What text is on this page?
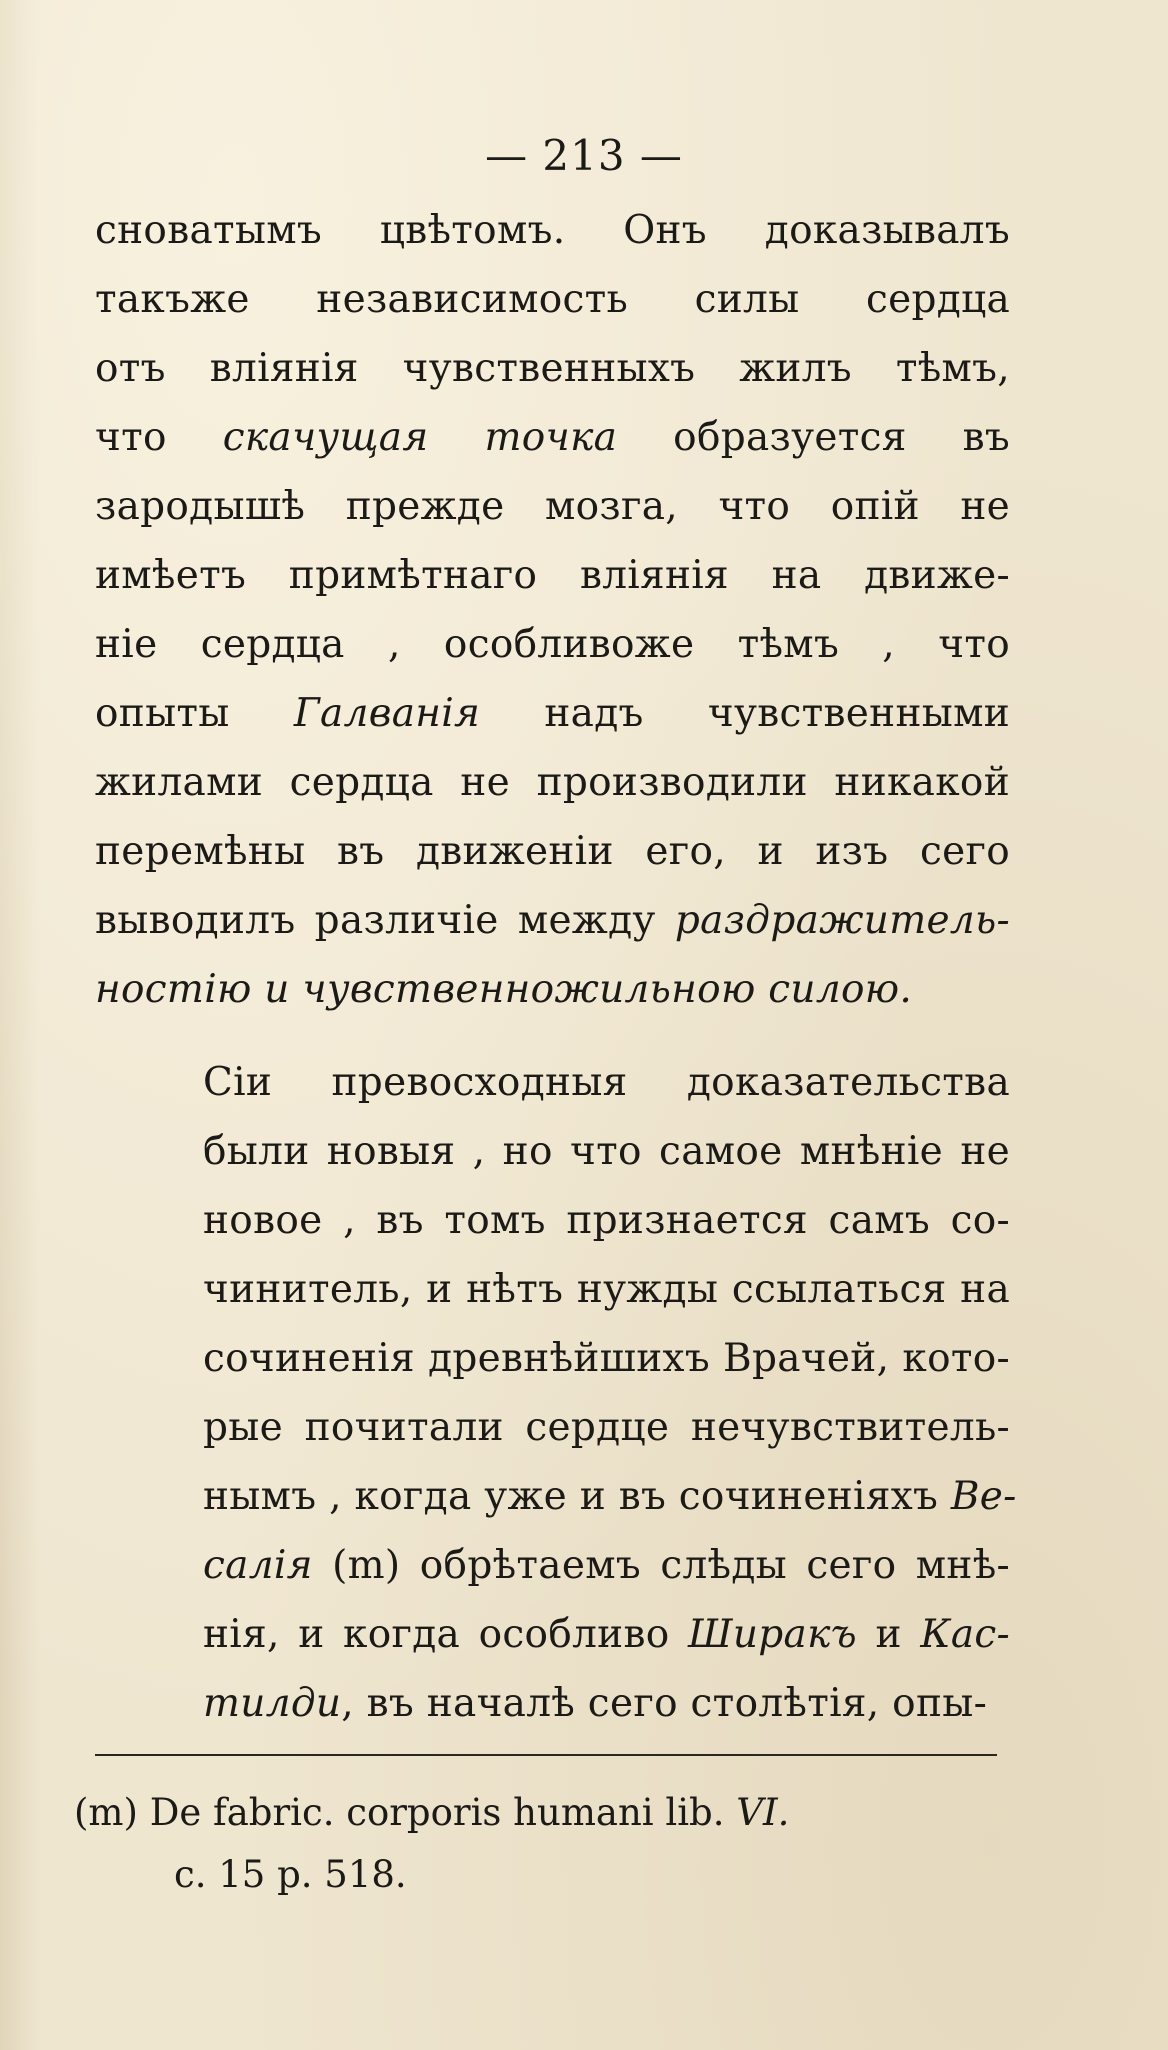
— 213 —

сноватымъ цвѣтомъ. Онъ доказывалъ
такъже независимость силы сердца
отъ влiянiя чувственныхъ жилъ тѣмъ,
что скачущая точка образуется въ
зародышѣ прежде мозга, что опiй не
имѣетъ примѣтнаго влiянiя на движе-
нiе сердца , особливоже тѣмъ , что
опыты Галванiя надъ чувственными
жилами сердца не производили никакой
перемѣны въ движенiи его, и изъ сего
выводилъ различiе между раздражитель-
ностiю и чувственножильною силою.

Сiи превосходныя доказательства
были новыя , но что самое мнѣнiе не
новое , въ томъ признается самъ со-
чинитель, и нѣтъ нужды ссылаться на
сочиненiя древнѣйшихъ Врачей, кото-
рые почитали сердце нечувствитель-
нымъ , когда уже и въ сочиненiяхъ Ве-
салiя (m) обрѣтаемъ слѣды сего мнѣ-
нiя, и когда особливо Ширакъ и Кас-
тилди, въ началѣ сего столѣтiя, опы-

(m) De fabric. corporis humani lib. VI.
c. 15 p. 518.
